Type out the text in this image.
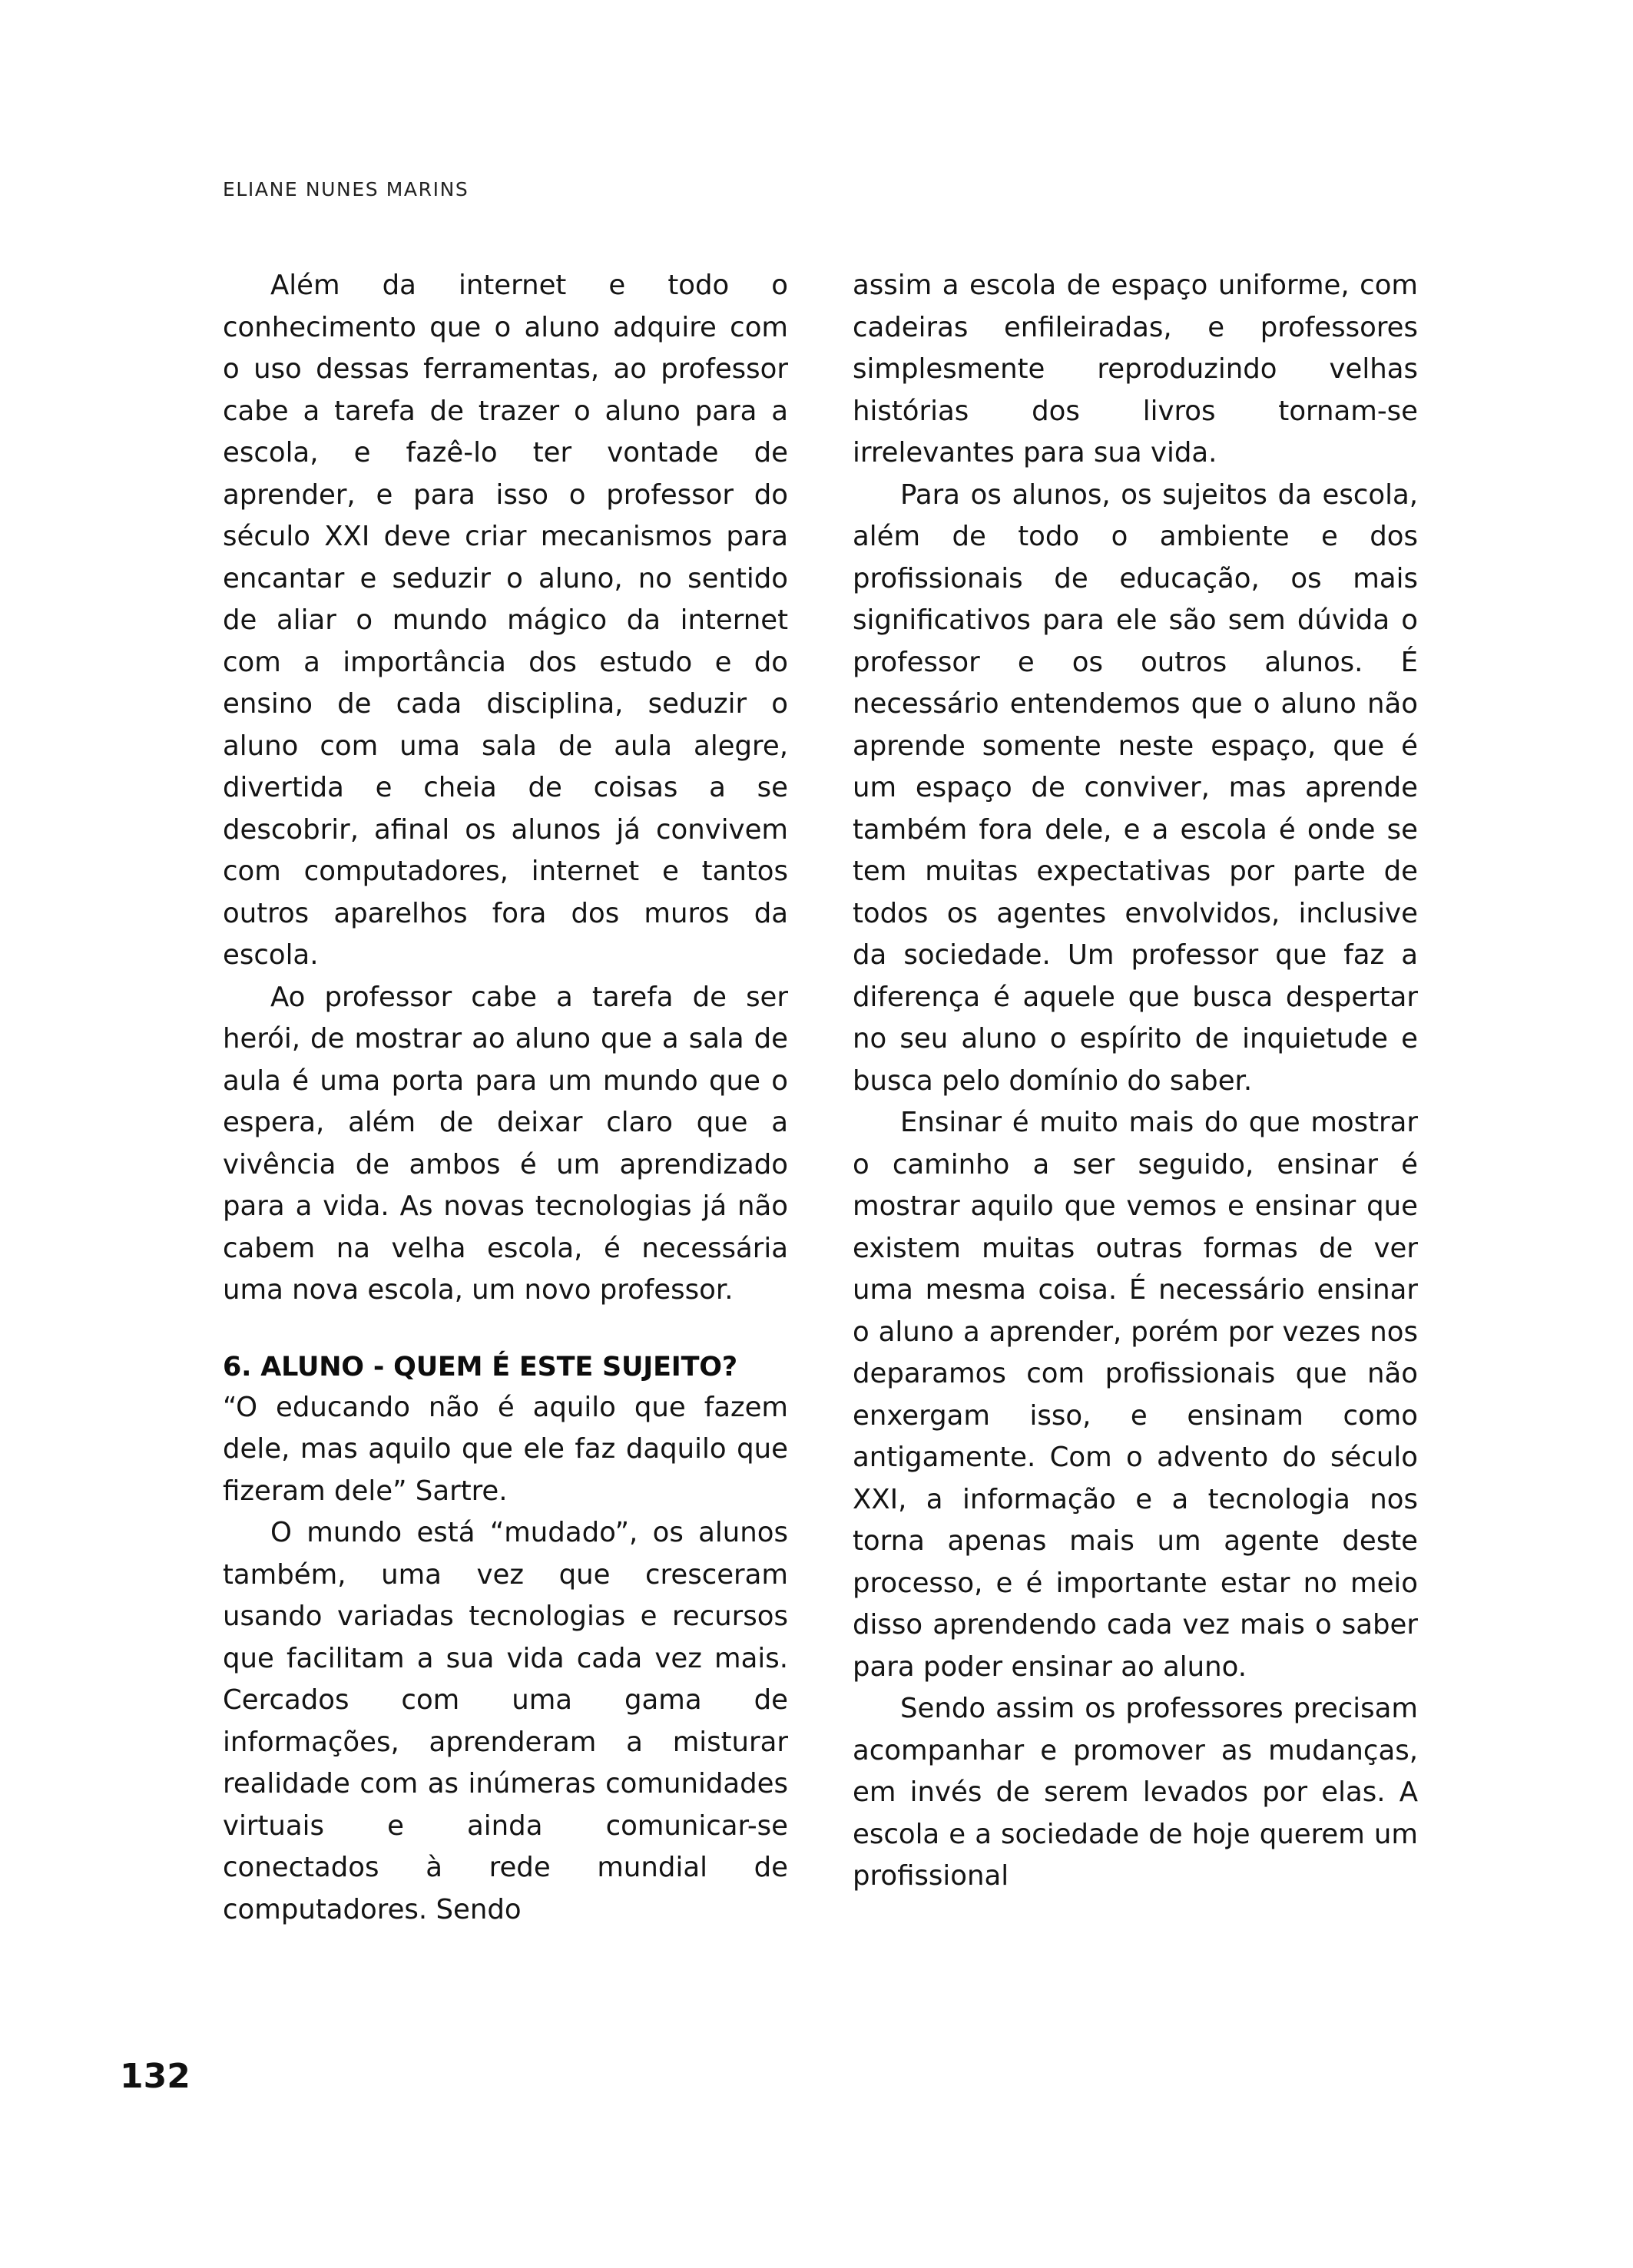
ELIANE NUNES MARINS

Além da internet e todo o conhecimento que o aluno adquire com o uso dessas ferramentas, ao professor cabe a tarefa de trazer o aluno para a escola, e fazê-lo ter vontade de aprender, e para isso o professor do século XXI deve criar mecanismos para encantar e seduzir o aluno, no sentido de aliar o mundo mágico da internet com a importância dos estudo e do ensino de cada disciplina, seduzir o aluno com uma sala de aula alegre, divertida e cheia de coisas a se descobrir, afinal os alunos já convivem com computadores, internet e tantos outros aparelhos fora dos muros da escola.

Ao professor cabe a tarefa de ser herói, de mostrar ao aluno que a sala de aula é uma porta para um mundo que o espera, além de deixar claro que a vivência de ambos é um aprendizado para a vida. As novas tecnologias já não cabem na velha escola, é necessária uma nova escola, um novo professor.

6. ALUNO - QUEM É ESTE SUJEITO?

“O educando não é aquilo que fazem dele, mas aquilo que ele faz daquilo que fizeram dele” Sartre.

O mundo está “mudado”, os alunos também, uma vez que cresceram usando variadas tecnologias e recursos que facilitam a sua vida cada vez mais. Cercados com uma gama de informações, aprenderam a misturar realidade com as inúmeras comunidades virtuais e ainda comunicar-se conectados à rede mundial de computadores. Sendo

assim a escola de espaço uniforme, com cadeiras enfileiradas, e professores simplesmente reproduzindo velhas histórias dos livros tornam-se irrelevantes para sua vida.

Para os alunos, os sujeitos da escola, além de todo o ambiente e dos profissionais de educação, os mais significativos para ele são sem dúvida o professor e os outros alunos. É necessário entendemos que o aluno não aprende somente neste espaço, que é um espaço de conviver, mas aprende também fora dele, e a escola é onde se tem muitas expectativas por parte de todos os agentes envolvidos, inclusive da sociedade. Um professor que faz a diferença é aquele que busca despertar no seu aluno o espírito de inquietude e busca pelo domínio do saber.

Ensinar é muito mais do que mostrar o caminho a ser seguido, ensinar é mostrar aquilo que vemos e ensinar que existem muitas outras formas de ver uma mesma coisa. É necessário ensinar o aluno a aprender, porém por vezes nos deparamos com profissionais que não enxergam isso, e ensinam como antigamente. Com o advento do século XXI, a informação e a tecnologia nos torna apenas mais um agente deste processo, e é importante estar no meio disso aprendendo cada vez mais o saber para poder ensinar ao aluno.

Sendo assim os professores precisam acompanhar e promover as mudanças, em invés de serem levados por elas. A escola e a sociedade de hoje querem um profissional

132
